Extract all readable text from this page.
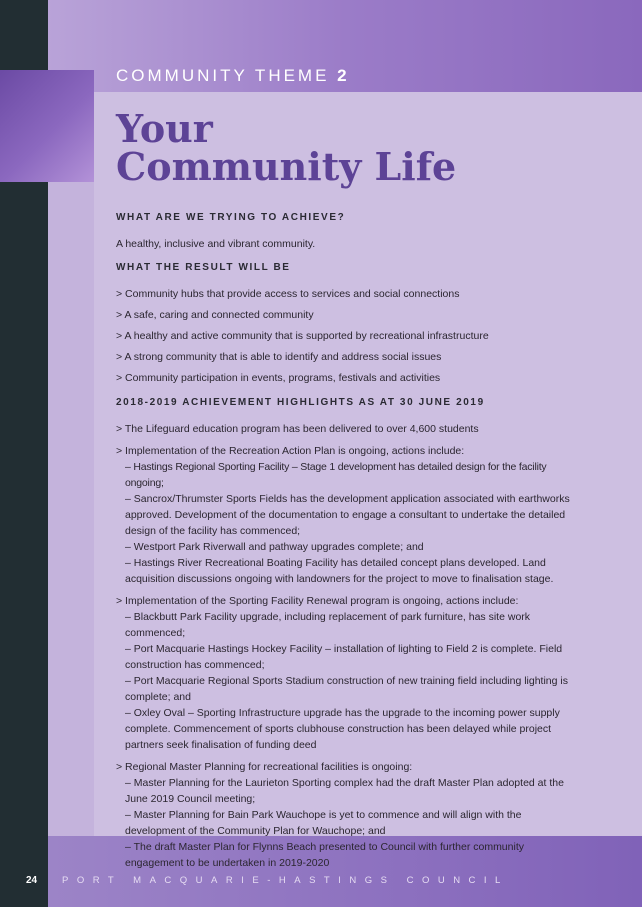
COMMUNITY THEME 2

Your
Community Life
WHAT ARE WE TRYING TO ACHIEVE?
A healthy, inclusive and vibrant community.
WHAT THE RESULT WILL BE
> Community hubs that provide access to services and social connections
> A safe, caring and connected community
> A healthy and active community that is supported by recreational infrastructure
> A strong community that is able to identify and address social issues
> Community participation in events, programs, festivals and activities
2018-2019 ACHIEVEMENT HIGHLIGHTS AS AT 30 JUNE 2019
> The Lifeguard education program has been delivered to over 4,600 students
> Implementation of the Recreation Action Plan is ongoing, actions include:
– Hastings Regional Sporting Facility – Stage 1 development has detailed design for the facility ongoing;
– Sancrox/Thrumster Sports Fields has the development application associated with earthworks approved. Development of the documentation to engage a consultant to undertake the detailed design of the facility has commenced;
– Westport Park Riverwall and pathway upgrades complete; and
– Hastings River Recreational Boating Facility has detailed concept plans developed. Land acquisition discussions ongoing with landowners for the project to move to finalisation stage.
> Implementation of the Sporting Facility Renewal program is ongoing, actions include:
– Blackbutt Park Facility upgrade, including replacement of park furniture, has site work commenced;
– Port Macquarie Hastings Hockey Facility – installation of lighting to Field 2 is complete. Field construction has commenced;
– Port Macquarie Regional Sports Stadium construction of new training field including lighting is complete; and
– Oxley Oval – Sporting Infrastructure upgrade has the upgrade to the incoming power supply complete. Commencement of sports clubhouse construction has been delayed while project partners seek finalisation of funding deed
> Regional Master Planning for recreational facilities is ongoing:
– Master Planning for the Laurieton Sporting complex had the draft Master Plan adopted at the June 2019 Council meeting;
– Master Planning for Bain Park Wauchope is yet to commence and will align with the development of the Community Plan for Wauchope; and
– The draft Master Plan for Flynns Beach presented to Council with further community engagement to be undertaken in 2019-2020

24	PORT MACQUARIE-HASTINGS COUNCIL
